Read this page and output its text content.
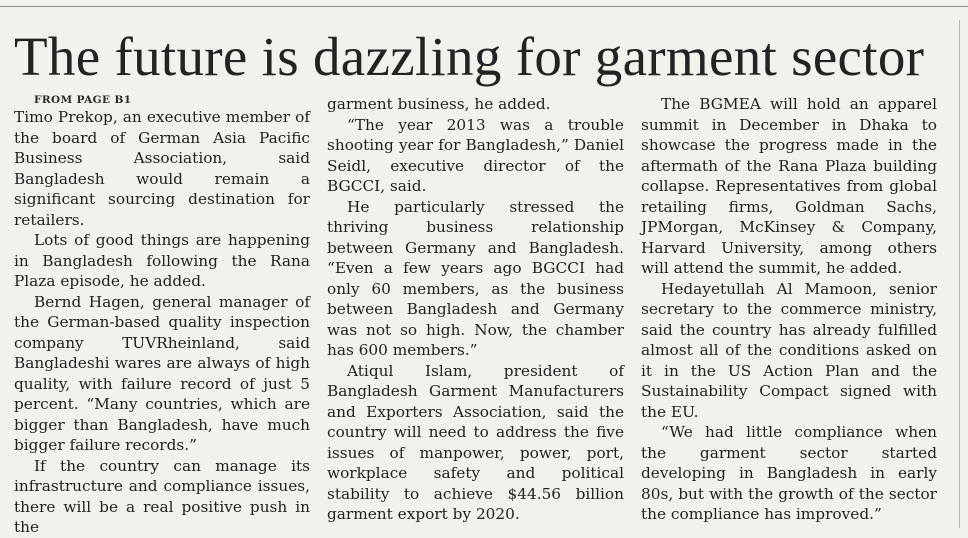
The future is dazzling for garment sector

FROM PAGE B1

Timo Prekop, an executive member of the board of German Asia Pacific Business Association, said Bangladesh would remain a significant sourcing destination for retailers.

Lots of good things are happening in Bangladesh following the Rana Plaza episode, he added.

Bernd Hagen, general manager of the German-based quality inspection company TUVRheinland, said Bangladeshi wares are always of high quality, with failure record of just 5 percent. “Many countries, which are bigger than Bangladesh, have much bigger failure records.”

If the country can manage its infrastructure and compliance issues, there will be a real positive push in the

garment business, he added.

“The year 2013 was a trouble shooting year for Bangladesh,” Daniel Seidl, executive director of the BGCCI, said.

He particularly stressed the thriving business relationship between Germany and Bangladesh. “Even a few years ago BGCCI had only 60 members, as the business between Bangladesh and Germany was not so high. Now, the chamber has 600 members.”

Atiqul Islam, president of Bangladesh Garment Manufacturers and Exporters Association, said the country will need to address the five issues of manpower, power, port, workplace safety and political stability to achieve $44.56 billion garment export by 2020.

The BGMEA will hold an apparel summit in December in Dhaka to showcase the progress made in the aftermath of the Rana Plaza building collapse. Representatives from global retailing firms, Goldman Sachs, JPMorgan, McKinsey & Company, Harvard University, among others will attend the summit, he added.

Hedayetullah Al Mamoon, senior secretary to the commerce ministry, said the country has already fulfilled almost all of the conditions asked on it in the US Action Plan and the Sustainability Compact signed with the EU.

“We had little compliance when the garment sector started developing in Bangladesh in early 80s, but with the growth of the sector the compliance has improved.”
